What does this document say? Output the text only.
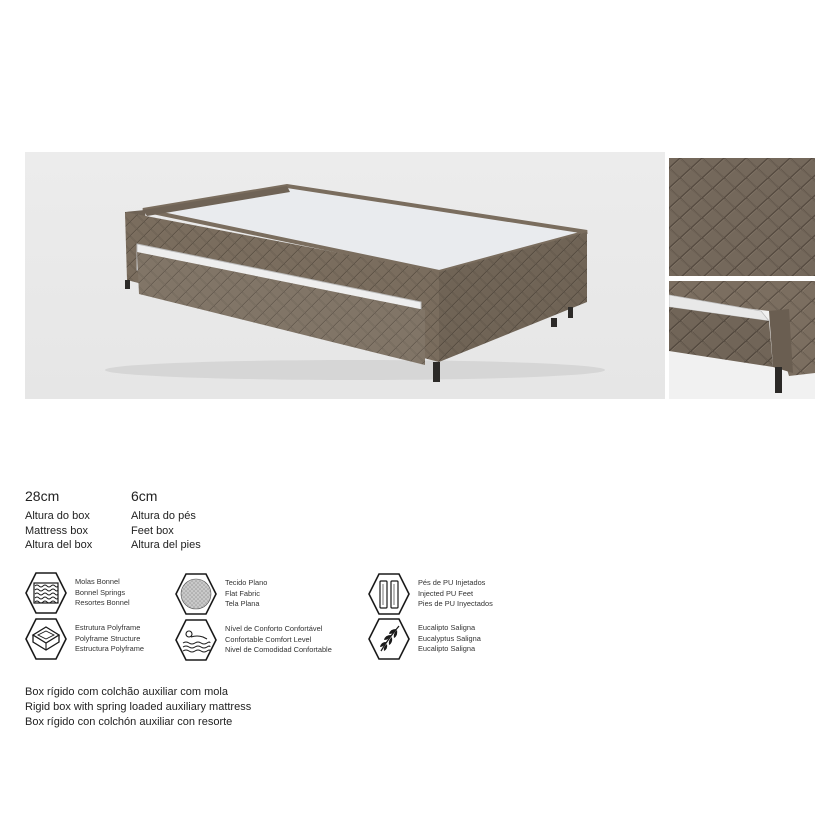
28cm
Altura do box
Mattress box
Altura del box
6cm
Altura do pés
Feet box
Altura del pies
Molas Bonnel
Bonnel Springs
Resortes Bonnel
Tecido Plano
Flat Fabric
Tela Plana
Pés de PU Injetados
Injected PU Feet
Pies de PU Inyectados
Estrutura Polyframe
Polyframe Structure
Estructura Polyframe
Nível de Conforto Confortável
Confortable Comfort Level
Nivel de Comodidad Confortable
Eucalipto Saligna
Eucalyptus Saligna
Eucalipto Saligna
Box rígido com colchão auxiliar com mola
Rigid box with spring loaded auxiliary mattress
Box rígido con colchón auxiliar con resorte
